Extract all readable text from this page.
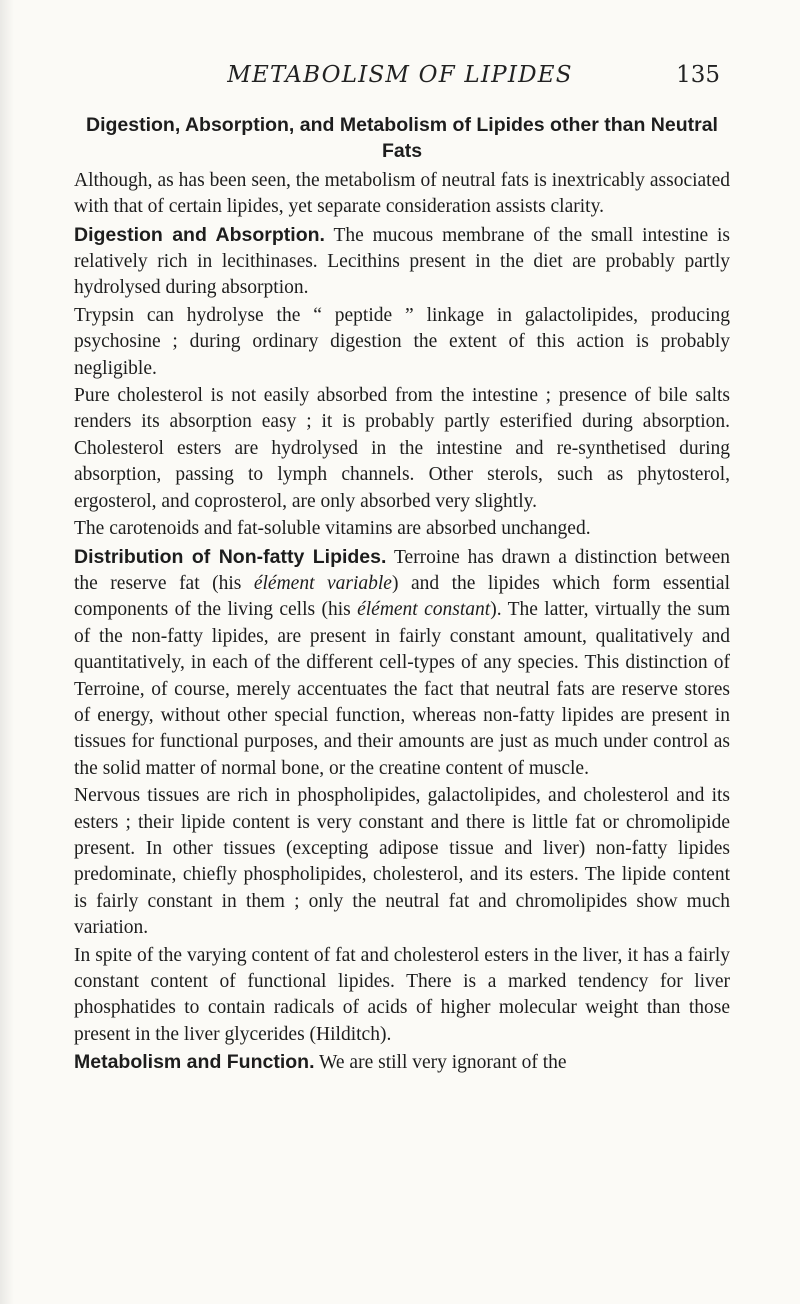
METABOLISM OF LIPIDES	135
Digestion, Absorption, and Metabolism of Lipides other than Neutral Fats

Although, as has been seen, the metabolism of neutral fats is inextricably associated with that of certain lipides, yet separate consideration assists clarity.

Digestion and Absorption. The mucous membrane of the small intestine is relatively rich in lecithinases. Lecithins present in the diet are probably partly hydrolysed during absorption.

Trypsin can hydrolyse the “ peptide ” linkage in galactolipides, producing psychosine ; during ordinary digestion the extent of this action is probably negligible.

Pure cholesterol is not easily absorbed from the intestine ; presence of bile salts renders its absorption easy ; it is probably partly esterified during absorption. Cholesterol esters are hydrolysed in the intestine and re-synthetised during absorption, passing to lymph channels. Other sterols, such as phytosterol, ergosterol, and coprosterol, are only absorbed very slightly.

The carotenoids and fat-soluble vitamins are absorbed unchanged.

Distribution of Non-fatty Lipides. Terroine has drawn a distinction between the reserve fat (his élément variable) and the lipides which form essential components of the living cells (his élément constant). The latter, virtually the sum of the non-fatty lipides, are present in fairly constant amount, qualitatively and quantitatively, in each of the different cell-types of any species. This distinction of Terroine, of course, merely accentuates the fact that neutral fats are reserve stores of energy, without other special function, whereas non-fatty lipides are present in tissues for functional purposes, and their amounts are just as much under control as the solid matter of normal bone, or the creatine content of muscle.

Nervous tissues are rich in phospholipides, galactolipides, and cholesterol and its esters ; their lipide content is very constant and there is little fat or chromolipide present. In other tissues (excepting adipose tissue and liver) non-fatty lipides predominate, chiefly phospholipides, cholesterol, and its esters. The lipide content is fairly constant in them ; only the neutral fat and chromolipides show much variation.

In spite of the varying content of fat and cholesterol esters in the liver, it has a fairly constant content of functional lipides. There is a marked tendency for liver phosphatides to contain radicals of acids of higher molecular weight than those present in the liver glycerides (Hilditch).

Metabolism and Function. We are still very ignorant of the
